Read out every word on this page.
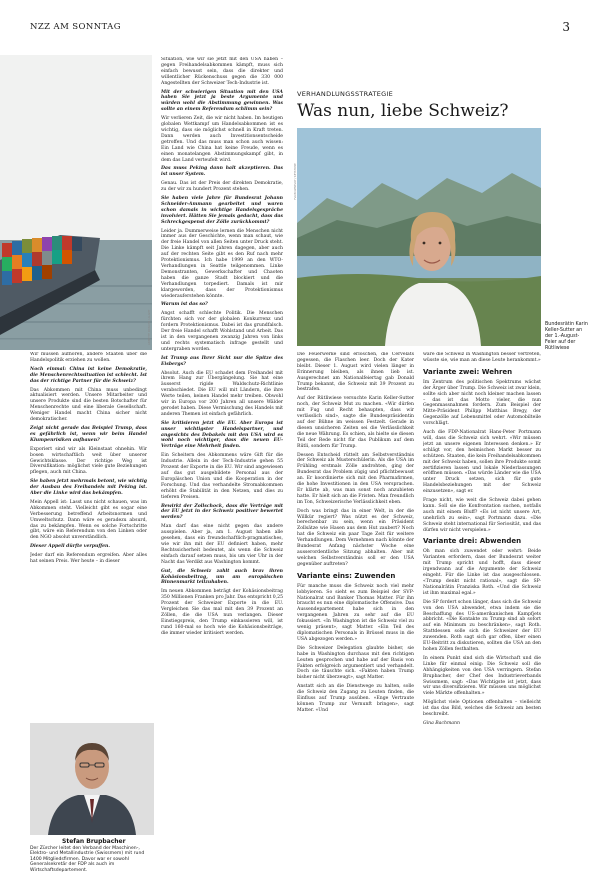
NZZ AM SONNTAG	3
ANNETTE DONATH / ALAMY

Wir müssen aufhören, andere Staaten über die Handelspolitik erziehen zu wollen.

Noch einmal: China ist keine Demokratie, die Menschenrechtssituation ist schlecht. Ist das der richtige Partner für die Schweiz?

Das Abkommen mit China muss unbedingt aktualisiert werden. Unsere Mitarbeiter und unsere Produkte sind die besten Botschafter für Menschenrechte und eine liberale Gesellschaft. Weniger Handel macht China sicher nicht demokratischer.

Zeigt nicht gerade das Beispiel Trump, dass es gefährlich ist, wenn wir beim Handel Klumpenrisiken aufbauen?

Exporiert sind wir als Kleinstaat ohnehin. Wir bosen wirtschaftlich weit über unserer Gewichtsklasse. Der richtige Weg ist Diversifikation: möglichst viele gute Beziehungen pflegen, auch mit China.

Sie haben jetzt mehrmals betont, wie wichtig der Ausbau des Freihandels mit Peking ist. Aber die Linke wird das bekämpfen.

Mein Appell ist: Lasst uns nicht schauen, was im Abkommen steht. Vielleicht gibt es sogar eine Verbesserung betreffend Arbeitsnormen und Umweltschutz. Dann wäre es geradezu absurd, das zu bekämpfen. Wenn es solche Fortschritte gibt, wäre ein Referendum von den Linken oder den NGO absolut unverständlich.

Dieser Appell dürfte verpuffen.

Jeder darf ein Referendum ergreifen. Aber alles hat seinen Preis. Wer heute – in dieser

Stefan Brupbacher
Der Zürcher leitet den Verband der Maschinen-, Elektro- und Metallindustrie (Swissmem) mit rund 1400 Mitgliedsfirmen. Davor war er sowohl Generalsekretär der FDP als auch im Wirtschaftsdepartement.

Situation, wie wir sie jetzt mit den USA haben – gegen Freihandelsabkommen kämpft, muss sich einfach bewusst sein, dass die direkter und willentlicher Rückenschuss gegen die 330 000 Angestellten der Schweizer Tech-Industrie ist.

Mit der schwierigen Situation mit den USA haben Sie jetzt ja beste Argumente und würden wohl die Abstimmung gewinnen. Was sollte an einem Referendum schlimm sein?

Wir verlieren Zeit, die wir nicht haben. Im heutigen globalen Wettkampf um Handelsabkommen ist es wichtig, dass sie möglichst schnell in Kraft treten. Dann werden auch Investitionsentscheide getroffen. Und das muss man schon auch wissen: Ein Land wie China hat keine Freude, wenn es einen monatelangen Abstimmungskampf gibt, in dem das Land verteufelt wird.

Das muss Peking dann halt akzeptieren. Das ist unser System.

Genau. Das ist der Preis der direkten Demokratie, zu der wir zu hundert Prozent stehen.

Sie haben viele Jahre für Bundesrat Johann Schneider-Ammann gearbeitet und waren schon damals in wichtige Handelsgespräche involviert. Hätten Sie jemals gedacht, dass das Schreckgespenst der Zölle zurückkommt?

Leider ja. Dummerweise lernen die Menschen nicht immer aus der Geschichte, wenn man schaut, wie der freie Handel von allen Seiten unter Druck steht. Die Linke kämpft seit Jahren dagegen, aber auch auf der rechten Seite gibt es den Ruf nach mehr Protektionismus. Ich habe 1999 an den WTO-Verhandlungen in Seattle teilgenommen. Linke Demonstranten, Gewerkschafter und Chaoten haben die ganze Stadt blockiert und die Verhandlungen torpediert. Damals ist mir klargeworden, dass der Protektionismus wiederauferstehen könnte.

Warum ist das so?

Angst schafft schlechte Politik. Die Menschen fürchten sich vor der globalen Konkurrenz und fordern Protektionismus. Dabei ist das grundfalsch. Der freie Handel schafft Wohlstand und Arbeit. Das ist in den vergangenen zwanzig Jahren von links und rechts systematisch infrage gestellt und untergraben worden.

Ist Trump aus Ihrer Sicht nur die Spitze des Eisbergs?

Absolut. Auch die EU schadet dem Freihandel mit ihrem Hang zur Übergängelung. Sie hat eine äusserst rigide Waldschutz-Richtlinie verabschiedet. Die EU will mit Ländern, die ihre Werte teilen, keinen Handel mehr treiben. Obwohl wir in Europa vor 200 Jahren all unsere Wälder gerodet haben. Diese Vermischung des Handels mit anderen Themen ist einfach gefährlich.

Sie kritisieren jetzt die EU. Aber Europa ist unser wichtigster Handelspartner, und angesichts des Debakels mit den USA wird es wohl noch wichtiger, dass die neuen EU-Verträge eine Mehrheit finden.

Ein Scheitern des Abkommens wäre Gift für die Industrie. Allein in der Tech-Industrie gehen 55 Prozent der Exporte in die EU. Wir sind angewiesen auf das gut ausgebildete Personal aus der Europäischen Union und die Kooperation in der Forschung. Und das verhandelte Stromabkommen erhöht die Stabilität in den Netzen, und dies zu tieferen Preisen.

Bewirkt der Zollschock, dass die Verträge mit der EU jetzt in der Schweiz positiver bewertet werden?

Man darf das eine nicht gegen das andere ausspielen. Aber ja, am 1. August haben alle gesehen, dass ein freundschaftlich-pragmatisches, wie wir ihn mit der EU definiert haben, mehr Rechtssicherheit bedeutet, als wenn die Schweiz einfach darauf setzen muss, bis um vier Uhr in der Nacht das Verdikt aus Washington kommt.

Gut, die Schweiz zahlt auch brav ihren Kohäsionsbeitrag, um am europäischen Binnenmarkt teilzuhaben.

Im neuen Abkommen beträgt der Kohäsionsbeitrag 350 Millionen Franken pro Jahr. Das entspricht 0,25 Prozent der Schweizer Exporte in die EU. Vergleichen Sie das mal mit den 39 Prozent an Zöllen, die die USA nun verlangen. Dieser Einstiegspreis, den Trump einkassieren will, ist rund 160-mal so hoch wie die Kohäsionsbeiträge, die immer wieder kritisiert werden.

VERHANDLUNGSSTRATEGIE
Was nun, liebe Schweiz?
YVAIN GENEVAY / KEYSTONE
Bundesrätin Karin Keller-Sutter an der 1.-August-Feier auf der Rütliwiese

Die Feuerwerke sind erloschen, die Cervelats gegessen, die Flaschen leer. Doch der Kater bleibt. Dieser 1. August wird vielen länger in Erinnerung bleiben, als ihnen lieb ist. Ausgerechnet am Nationalfeiertag gab Donald Trump bekannt, die Schweiz mit 39 Prozent zu bestrafen.

Auf der Rütliwiese versuchte Karin Keller-Sutter noch, der Schweiz Mut zu machen. «Wir dürfen mit Fug und Recht behaupten, dass wir verlässlich sind», sagte die Bundespräsidentin auf der Bühne im weissen Festzelt. Gerade in diesen unsicheren Zeiten sei die Verlässlichkeit die neue Währung. Es schien, als hielte sie diesen Teil der Rede nicht für das Publikum auf dem Rütli, sondern für Trump.

Dessen Entscheid rüttelt am Selbstverständnis der Schweiz als Musterschülerin. Als die USA im Frühling erstmals Zölle androhten, ging der Bundesrat das Problem zügig und pflichtbewusst an. Er koordinierte sich mit den Pharmafirmen, die hohe Investitionen in den USA versprachen. Er klärte ab, was man sonst noch anzubieten hatte. Er hielt sich an die Fristen. Man freundlich im Ton, Schweizerische Verlässlichkeit eben.

Doch was bringt das in einer Welt, in der die Willkür regiert? Was nützt es der Schweiz, berechenbar zu sein, wenn ein Präsident Zollsätze wie Hasen aus dem Hut zaubert? Noch hat die Schweiz ein paar Tage Zeit für weitere Verhandlungen. Dem Vernehmen nach könnte der Bundesrat Anfang nächster Woche eine ausserordentliche Sitzung abhalten. Aber mit welchen Selbstverständnis soll er den USA gegenüber auftreten?

Variante eins: Zuwenden

Für manche muss die Schweiz noch viel mehr lobbyieren. So sieht es zum Beispiel der SVP-Nationalrat und Banker Thomas Matter. Für ihn braucht es nun eine diplomatische Offensive. Das Aussendepartement habe sich in den vergangenen Jahren zu sehr auf die EU fokussiert. «In Washington ist die Schweiz viel zu wenig präsent», sagt Matter. «Ein Teil des diplomatischen Personals in Brüssel muss in die USA abgezogen werden.»

Die Schweizer Delegation glaubte bisher, sie habe in Washington durchaus mit den richtigen Leuten gesprochen und habe auf der Basis von Fakten erfolgreich argumentiert und verhandelt. Doch sie täuschte sich. «Fakten haben Trump bisher nicht überzeugt», sagt Matter.

Anstatt sich an die Dienstwege zu halten, solle die Schweiz den Zugang zu Leuten finden, die Einfluss auf Trump ausüben. «Enge Vertraute können Trump zur Vernunft bringen», sagt Matter. «Und

wäre die Schweiz in Washington besser vertreten, wüsste sie, wie man an diese Leute herankommt.»

Variante zwei: Wehren

Im Zentrum des politischen Spektrums wächst der Ärger über Trump. Die Schweiz ist zwar klein, sollte sich aber nicht noch kleiner machen lassen – das ist das Motto vieler, die nun Gegenmassnahmen fordern. Zum Beispiel der Mitte-Präsident Philipp Matthias Bregy, der Gegenzölle auf Lebensmittel oder Automobilteile vorschlägt.

Auch die FDP-Nationalrat Hans-Peter Portmann will, dass die Schweiz sich wehrt. «Wir müssen jetzt an unsere eigenen Interessen denken.» Er schlägt vor, den heimischen Markt besser zu schützen. Staaten, die kein Freihandelsabkommen mit der Schweiz haben, sollen ihre Produkte somit zertifizieren lassen und lokale Niederlassungen eröffnen müssen. «Das würde Länder wie die USA unter Druck setzen, sich für gute Handelsbeziehungen mit der Schweiz einzusetzen», sagt er.

Frage nicht, wie weit die Schweiz dabei gehen kann. Soll sie die Konfrontation suchen, notfalls auch mit einem Bluff? «Es ist nicht unsere Art, unehrlich zu sein», sagt Portmann dazu. «Die Schweiz steht international für Seriosität, und das dürfen wir nicht verspielen.»

Variante drei: Abwenden

Oh man sich zuwendet oder wehrt: Beide Varianten erfordern, dass der Bundesrat weiter mit Trump spricht und hofft, dass dieser irgendwann auf die Argumente der Schweiz eingeht. Für die Linke ist das ausgeschlossen. «Trump denkt nicht rational», sagt die SP-Nationalrätin Franziska Roth. «Und die Schweiz ist ihm maximal egal.»

Die SP fordert schon länger, dass sich die Schweiz von den USA abwendet, etwa indem sie die Beschaffung des US-amerikanischen Kampfjets abbricht. «Die Kontakte zu Trump sind ab sofort auf ein Minimum zu beschränken», sagt Roth. Stattdessen solle sich die Schweizer der EU zuwenden. Roth sagt sich gar offen, über einen EU-Beitritt zu diskutieren, sollten die USA an den hohen Zöllen festhalten.

In einem Punkt sind sich die Wirtschaft und die Linke für einmal einig: Die Schweiz soll die Abhängigkeiten von den USA verringern. Stefan Brupbacher, der Chef des Industrieverbands Swissmem, sagt: «Das Wichtigste ist jetzt, dass wir uns diversifizieren. Wir müssen uns möglichst viele Märkte offenhalten.»

Möglichst viele Optionen offenhalten – vielleicht ist das das Bild, welches die Schweiz am besten beschreibt.

Gina Bachmann
